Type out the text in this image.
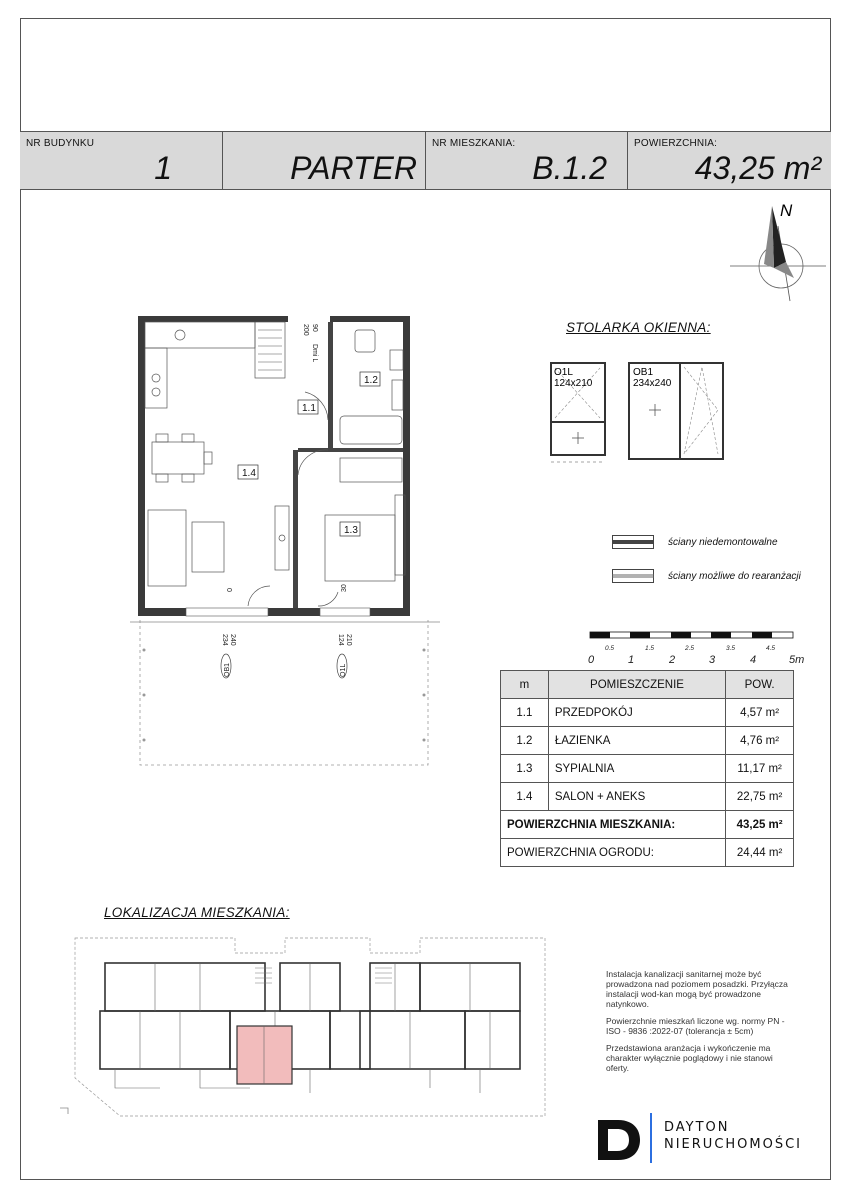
NR BUDYNKU
1	PARTER
NR MIESZKANIA:
B.1.2
POWIERZCHNIA:
43,25 m²
N
1.1
1.2
1.3
1.4
90
200
Dmi L
0	30
234 240
OB1
124 210
O1L
STOLARKA OKIENNA:
O1L
124x210
OB1
234x240
ściany niedemontowalne
ściany możliwe do rearanżacji
0.5	1.5	2.5	3.5	4.5
0	1	2	3	4	5m
m	POMIESZCZENIE	POW.
1.1	PRZEDPOKÓJ	4,57 m²
1.2	ŁAZIENKA	4,76 m²
1.3	SYPIALNIA	11,17 m²
1.4	SALON + ANEKS	22,75 m²
POWIERZCHNIA MIESZKANIA:		43,25 m²
POWIERZCHNIA OGRODU:		24,44 m²
LOKALIZACJA MIESZKANIA:

Instalacja kanalizacji sanitarnej może być prowadzona nad poziomem posadzki. Przyłącza instalacji wod-kan mogą być prowadzone natynkowo.

Powierzchnie mieszkań liczone wg. normy PN - ISO - 9836 :2022-07 (tolerancja ± 5cm)

Przedstawiona aranżacja i wykończenie ma charakter wyłącznie poglądowy i nie stanowi oferty.

DAYTON
NIERUCHOMOŚCI
